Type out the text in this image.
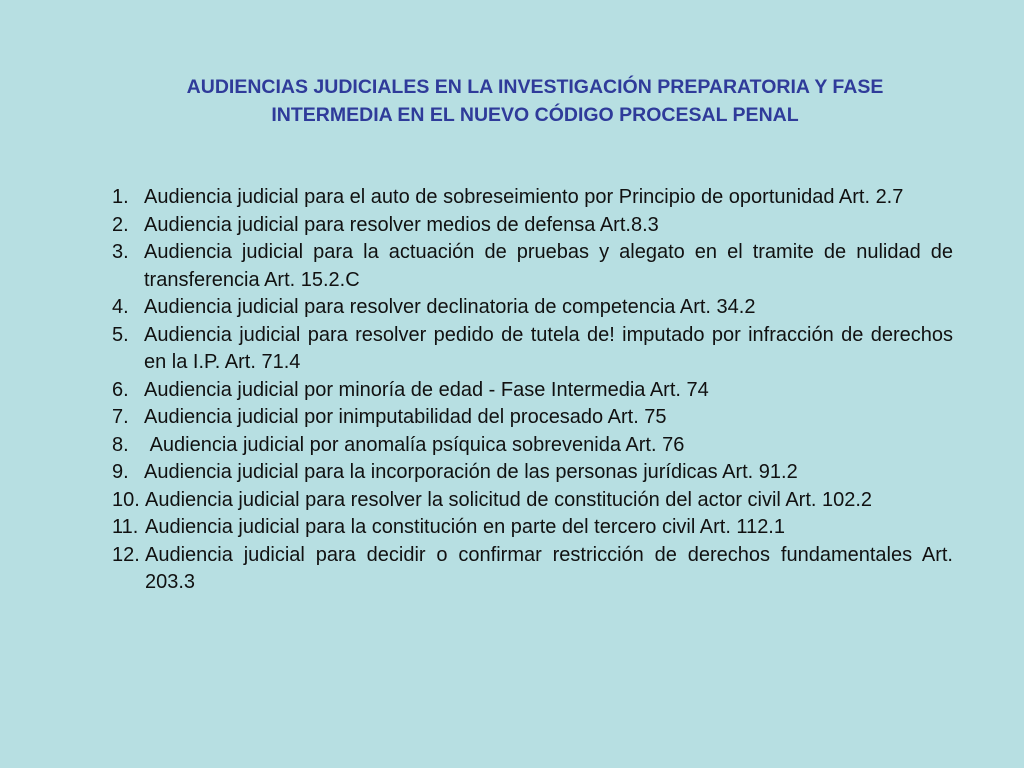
AUDIENCIAS JUDICIALES EN LA INVESTIGACIÓN PREPARATORIA Y FASE
INTERMEDIA EN EL NUEVO CÓDIGO PROCESAL PENAL
1. Audiencia judicial para el auto de sobreseimiento por Principio de oportunidad Art. 2.7
2. Audiencia judicial para resolver medios de defensa Art.8.3
3. Audiencia judicial para la actuación de pruebas y alegato en el tramite de nulidad de transferencia Art. 15.2.C
4. Audiencia judicial para resolver declinatoria de competencia Art. 34.2
5. Audiencia judicial para resolver pedido de tutela de! imputado por infracción de derechos en la I.P. Art. 71.4
6. Audiencia judicial por minoría de edad - Fase Intermedia Art. 74
7. Audiencia judicial por inimputabilidad del procesado Art. 75
8. Audiencia judicial por anomalía psíquica sobrevenida Art. 76
9. Audiencia judicial para la incorporación de las personas jurídicas Art. 91.2
10. Audiencia judicial para resolver la solicitud de constitución del actor civil Art. 102.2
11. Audiencia judicial para la constitución en parte del tercero civil Art. 112.1
12. Audiencia judicial para decidir o confirmar restricción de derechos fundamentales Art. 203.3
